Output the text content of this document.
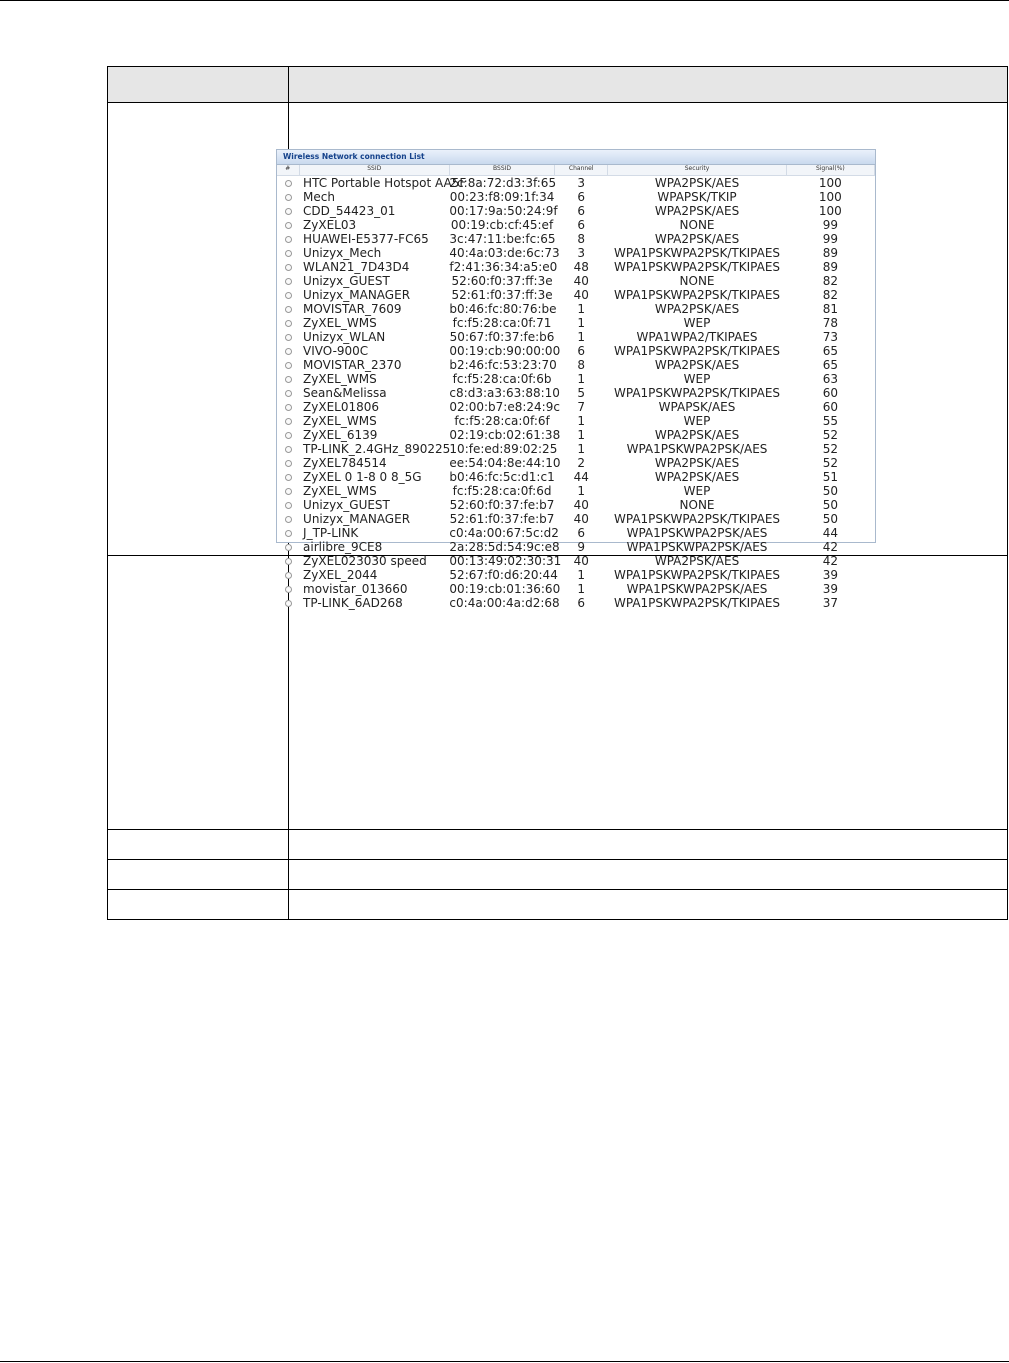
Wireless Network connection List
#	SSID	BSSID	Channel	Security	Signal(%)
	HTC Portable Hotspot AA5F	2c:8a:72:d3:3f:65	3	WPA2PSK/AES	100
	Mech	00:23:f8:09:1f:34	6	WPAPSK/TKIP	100
	CDD_54423_01	00:17:9a:50:24:9f	6	WPA2PSK/AES	100
	ZyXEL03	00:19:cb:cf:45:ef	6	NONE	99
	HUAWEI-E5377-FC65	3c:47:11:be:fc:65	8	WPA2PSK/AES	99
	Unizyx_Mech	40:4a:03:de:6c:73	3	WPA1PSKWPA2PSK/TKIPAES	89
	WLAN21_7D43D4	f2:41:36:34:a5:e0	48	WPA1PSKWPA2PSK/TKIPAES	89
	Unizyx_GUEST	52:60:f0:37:ff:3e	40	NONE	82
	Unizyx_MANAGER	52:61:f0:37:ff:3e	40	WPA1PSKWPA2PSK/TKIPAES	82
	MOVISTAR_7609	b0:46:fc:80:76:be	1	WPA2PSK/AES	81
	ZyXEL_WMS	fc:f5:28:ca:0f:71	1	WEP	78
	Unizyx_WLAN	50:67:f0:37:fe:b6	1	WPA1WPA2/TKIPAES	73
	VIVO-900C	00:19:cb:90:00:00	6	WPA1PSKWPA2PSK/TKIPAES	65
	MOVISTAR_2370	b2:46:fc:53:23:70	8	WPA2PSK/AES	65
	ZyXEL_WMS	fc:f5:28:ca:0f:6b	1	WEP	63
	Sean&Melissa	c8:d3:a3:63:88:10	5	WPA1PSKWPA2PSK/TKIPAES	60
	ZyXEL01806	02:00:b7:e8:24:9c	7	WPAPSK/AES	60
	ZyXEL_WMS	fc:f5:28:ca:0f:6f	1	WEP	55
	ZyXEL_6139	02:19:cb:02:61:38	1	WPA2PSK/AES	52
	TP-LINK_2.4GHz_890225	10:fe:ed:89:02:25	1	WPA1PSKWPA2PSK/AES	52
	ZyXEL784514	ee:54:04:8e:44:10	2	WPA2PSK/AES	52
	ZyXEL 0 1-8 0 8_5G	b0:46:fc:5c:d1:c1	44	WPA2PSK/AES	51
	ZyXEL_WMS	fc:f5:28:ca:0f:6d	1	WEP	50
	Unizyx_GUEST	52:60:f0:37:fe:b7	40	NONE	50
	Unizyx_MANAGER	52:61:f0:37:fe:b7	40	WPA1PSKWPA2PSK/TKIPAES	50
	J_TP-LINK	c0:4a:00:67:5c:d2	6	WPA1PSKWPA2PSK/AES	44
	airlibre_9CE8	2a:28:5d:54:9c:e8	9	WPA1PSKWPA2PSK/AES	42
	ZyXEL023030 speed	00:13:49:02:30:31	40	WPA2PSK/AES	42
	ZyXEL_2044	52:67:f0:d6:20:44	1	WPA1PSKWPA2PSK/TKIPAES	39
	movistar_013660	00:19:cb:01:36:60	1	WPA1PSKWPA2PSK/AES	39
	TP-LINK_6AD268	c0:4a:00:4a:d2:68	6	WPA1PSKWPA2PSK/TKIPAES	37
